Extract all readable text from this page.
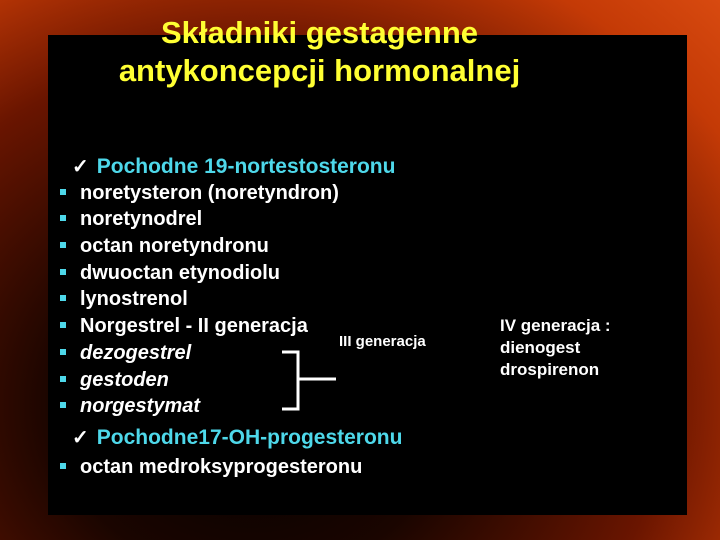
Składniki gestagenne
antykoncepcji hormonalnej
✓ Pochodne 19-nortestosteronu
noretysteron (noretyndron)
noretynodrel
octan noretyndronu
dwuoctan etynodiolu
lynostrenol
Norgestrel - II generacja
dezogestrel
gestoden
norgestymat
III generacja
✓ Pochodne17-OH-progesteronu
octan medroksyprogesteronu
IV generacja :
dienogest
drospirenon
